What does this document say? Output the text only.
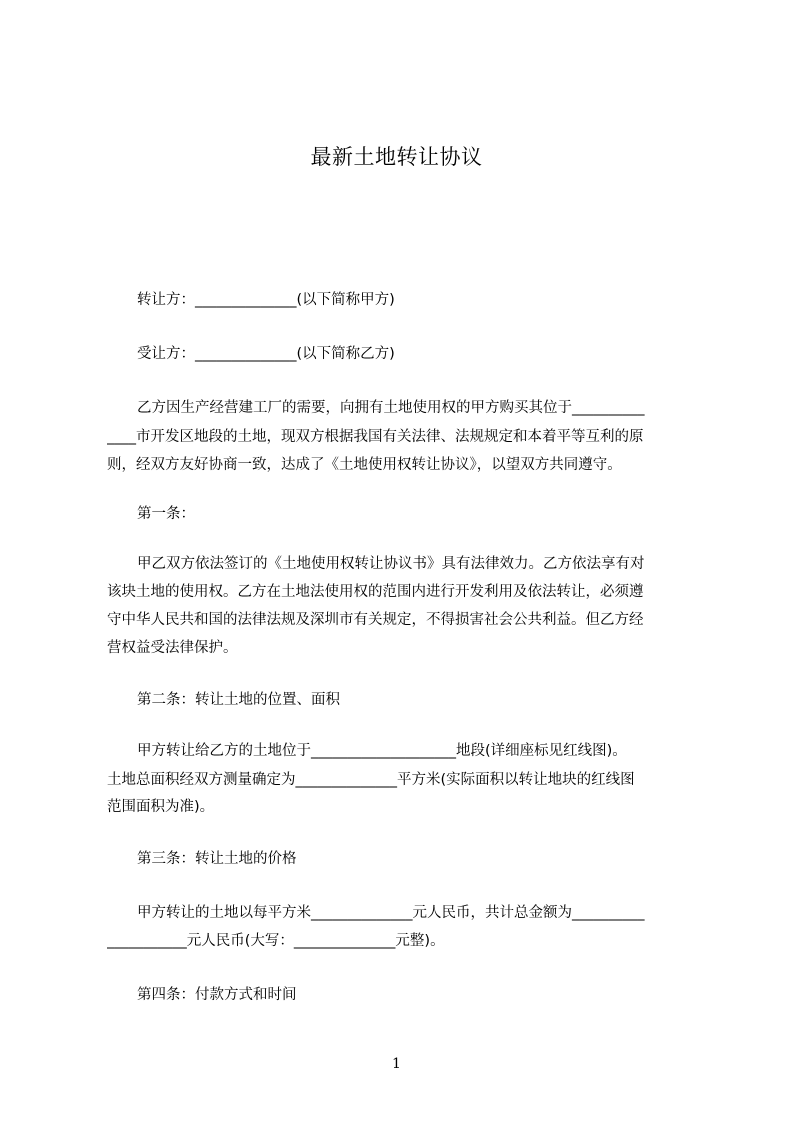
最新土地转让协议
转让方：______________(以下简称甲方)
受让方：______________(以下简称乙方)
乙方因生产经营建工厂的需要，向拥有土地使用权的甲方购买其位于__________
____市开发区地段的土地，现双方根据我国有关法律、法规规定和本着平等互利的原
则，经双方友好协商一致，达成了《土地使用权转让协议》，以望双方共同遵守。
第一条：
甲乙双方依法签订的《土地使用权转让协议书》具有法律效力。乙方依法享有对
该块土地的使用权。乙方在土地法使用权的范围内进行开发利用及依法转让，必须遵
守中华人民共和国的法律法规及深圳市有关规定，不得损害社会公共利益。但乙方经
营权益受法律保护。
第二条：转让土地的位置、面积
甲方转让给乙方的土地位于____________________地段(详细座标见红线图)。
土地总面积经双方测量确定为______________平方米(实际面积以转让地块的红线图
范围面积为准)。
第三条：转让土地的价格
甲方转让的土地以每平方米______________元人民币，共计总金额为__________
___________元人民币(大写：______________元整)。
第四条：付款方式和时间
1
